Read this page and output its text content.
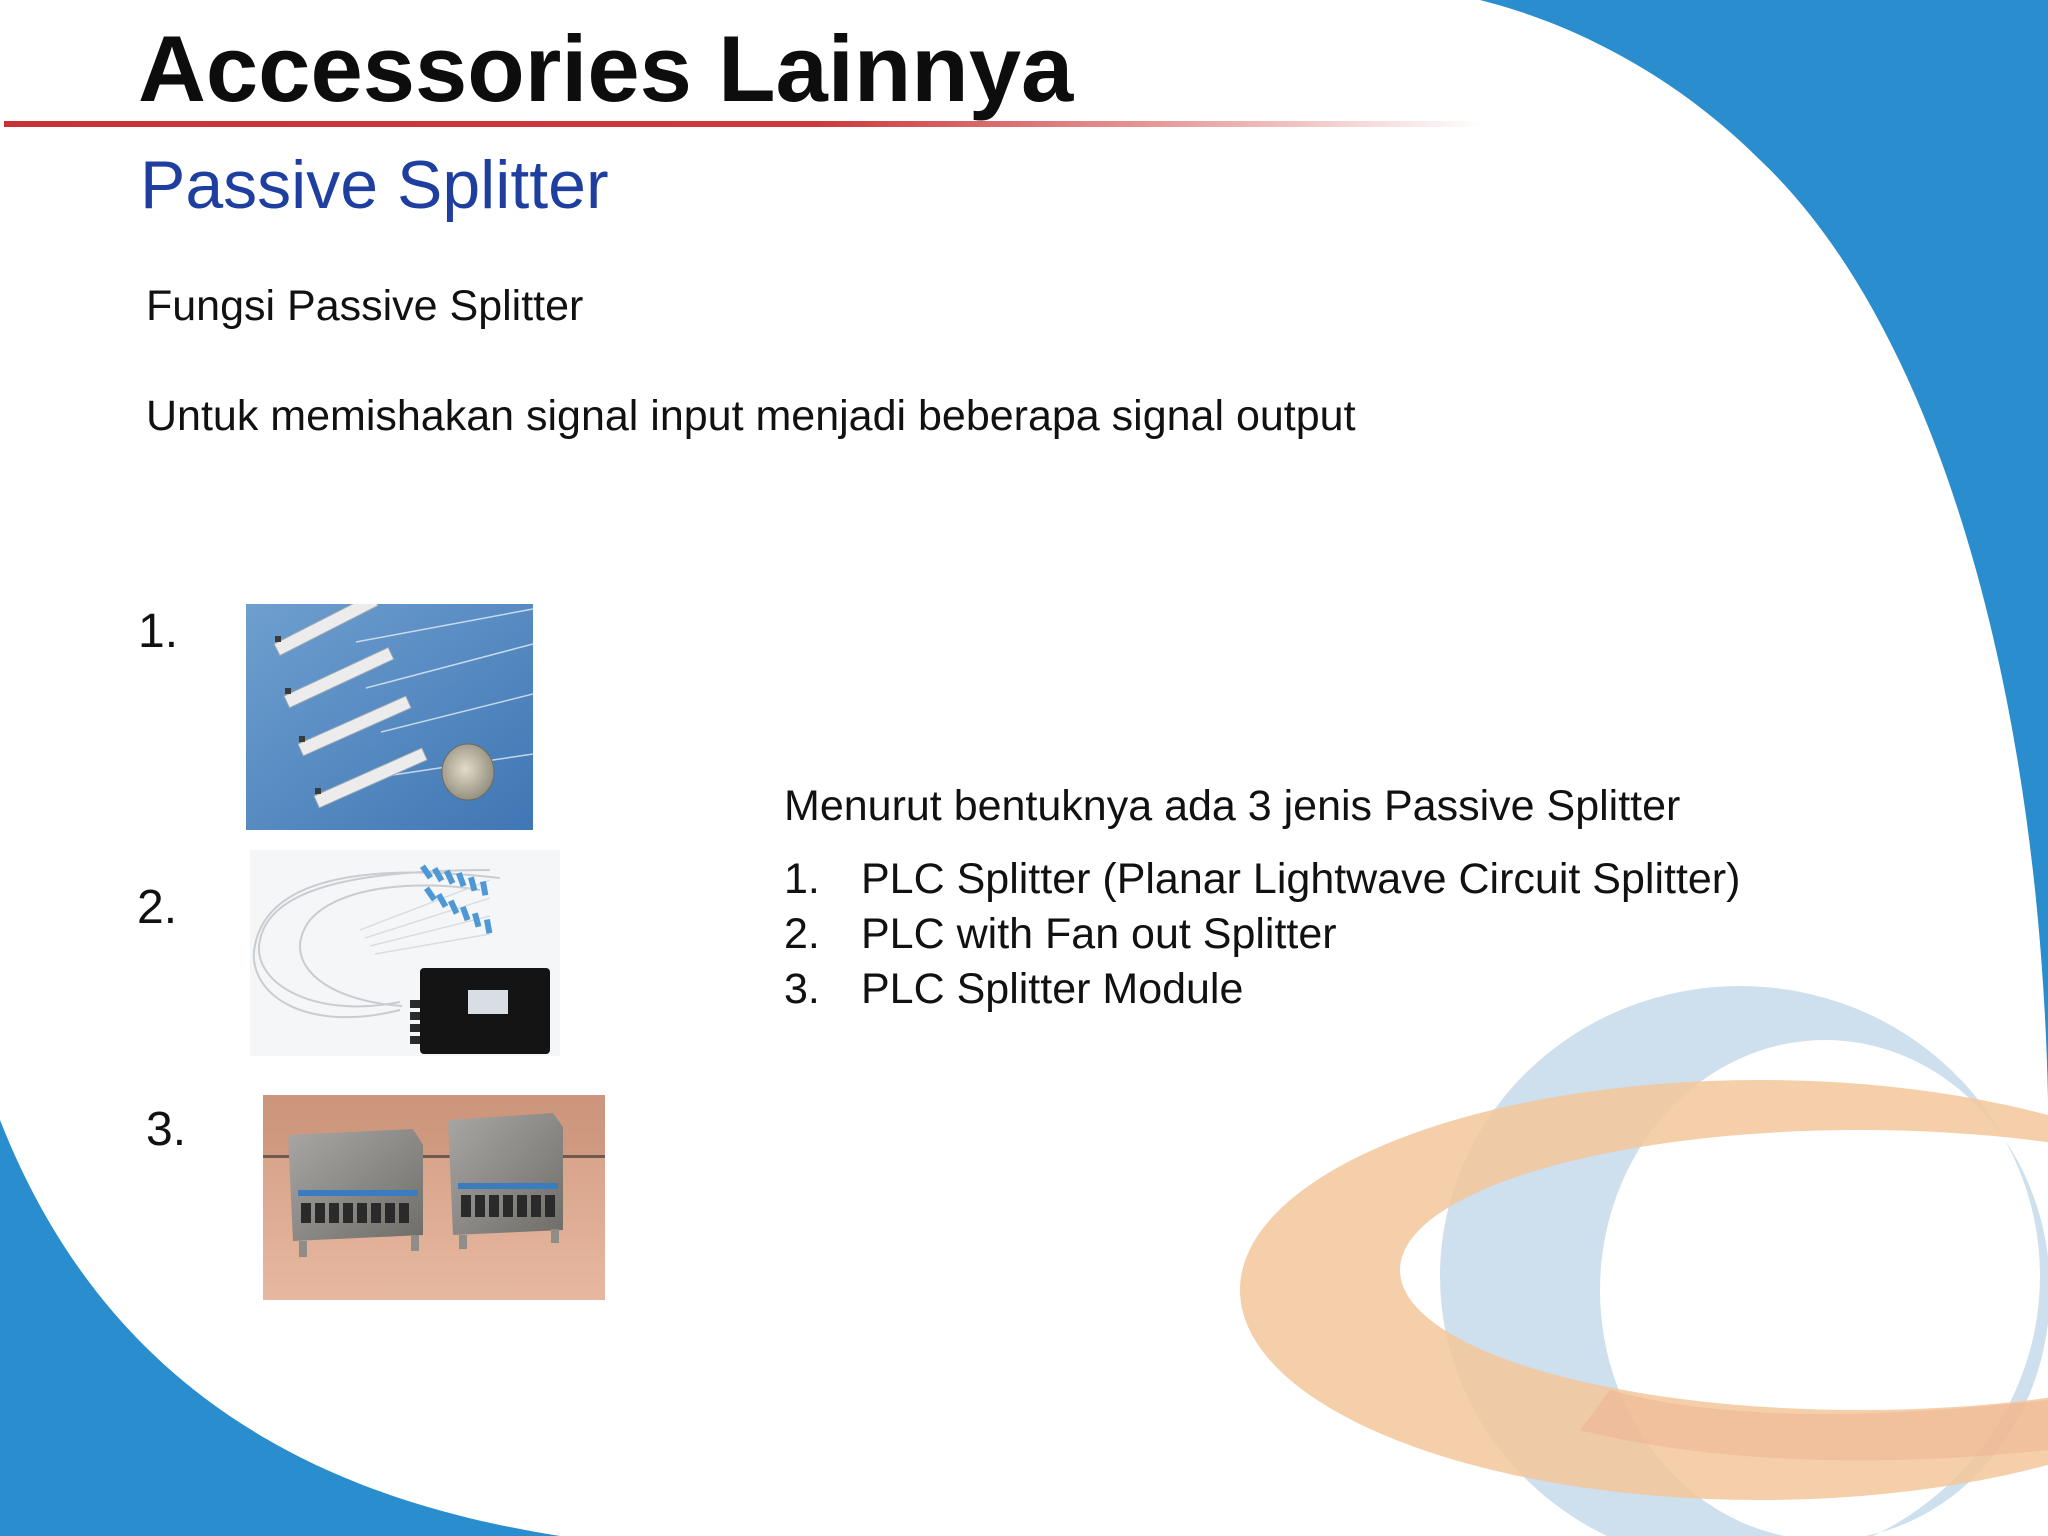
Accessories Lainnya
Passive Splitter

Fungsi Passive Splitter

Untuk memishakan signal input menjadi beberapa signal output

1.
2.
3.

Menurut bentuknya ada 3 jenis Passive Splitter

1. PLC Splitter (Planar Lightwave Circuit Splitter)
2. PLC with Fan out Splitter
3. PLC Splitter Module
